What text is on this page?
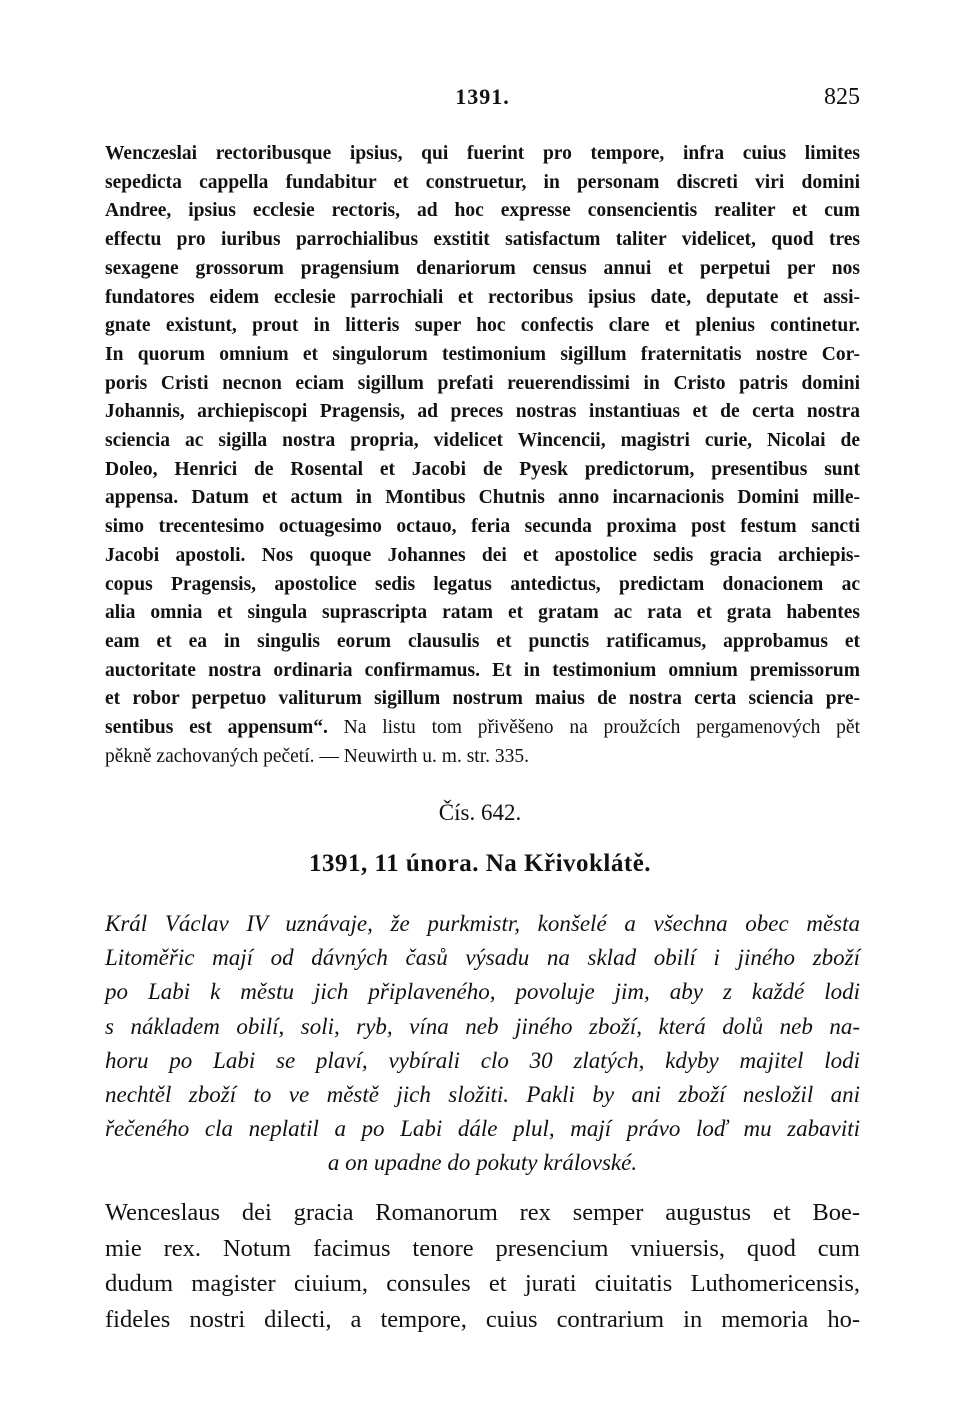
1391.	825
Wenczeslai rectoribusque ipsius, qui fuerint pro tempore, infra cuius limites
sepedicta cappella fundabitur et construetur, in personam discreti viri domini
Andree, ipsius ecclesie rectoris, ad hoc expresse consencientis realiter et cum
effectu pro iuribus parrochialibus exstitit satisfactum taliter videlicet, quod tres
sexagene grossorum pragensium denariorum census annui et perpetui per nos
fundatores eidem ecclesie parrochiali et rectoribus ipsius date, deputate et assi-
gnate existunt, prout in litteris super hoc confectis clare et plenius continetur.
In quorum omnium et singulorum testimonium sigillum fraternitatis nostre Cor-
poris Cristi necnon eciam sigillum prefati reuerendissimi in Cristo patris domini
Johannis, archiepiscopi Pragensis, ad preces nostras instantiuas et de certa nostra
sciencia ac sigilla nostra propria, videlicet Wincencii, magistri curie, Nicolai de
Doleo, Henrici de Rosental et Jacobi de Pyesk predictorum, presentibus sunt
appensa. Datum et actum in Montibus Chutnis anno incarnacionis Domini mille-
simo trecentesimo octuagesimo octauo, feria secunda proxima post festum sancti
Jacobi apostoli. Nos quoque Johannes dei et apostolice sedis gracia archiepis-
copus Pragensis, apostolice sedis legatus antedictus, predictam donacionem ac
alia omnia et singula suprascripta ratam et gratam ac rata et grata habentes
eam et ea in singulis eorum clausulis et punctis ratificamus, approbamus et
auctoritate nostra ordinaria confirmamus. Et in testimonium omnium premissorum
et robor perpetuo valiturum sigillum nostrum maius de nostra certa sciencia pre-
sentibus est appensum“. Na listu tom přivěšeno na proužcích pergamenových pět
pěkně zachovaných pečetí. — Neuwirth u. m. str. 335.
Čís. 642.
1391, 11 února. Na Křivoklátě.
Král Václav IV uznávaje, že purkmistr, konšelé a všechna obec města
Litoměřic mají od dávných časů výsadu na sklad obilí i jiného zboží
po Labi k městu jich připlaveného, povoluje jim, aby z každé lodi
s nákladem obilí, soli, ryb, vína neb jiného zboží, která dolů neb na-
horu po Labi se plaví, vybírali clo 30 zlatých, kdyby majitel lodi
nechtěl zboží to ve městě jich složiti. Pakli by ani zboží nesložil ani
řečeného cla neplatil a po Labi dále plul, mají právo loď mu zabaviti
a on upadne do pokuty královské.
Wenceslaus dei gracia Romanorum rex semper augustus et Boe-
mie rex. Notum facimus tenore presencium vniuersis, quod cum
dudum magister ciuium, consules et jurati ciuitatis Luthomericensis,
fideles nostri dilecti, a tempore, cuius contrarium in memoria ho-
